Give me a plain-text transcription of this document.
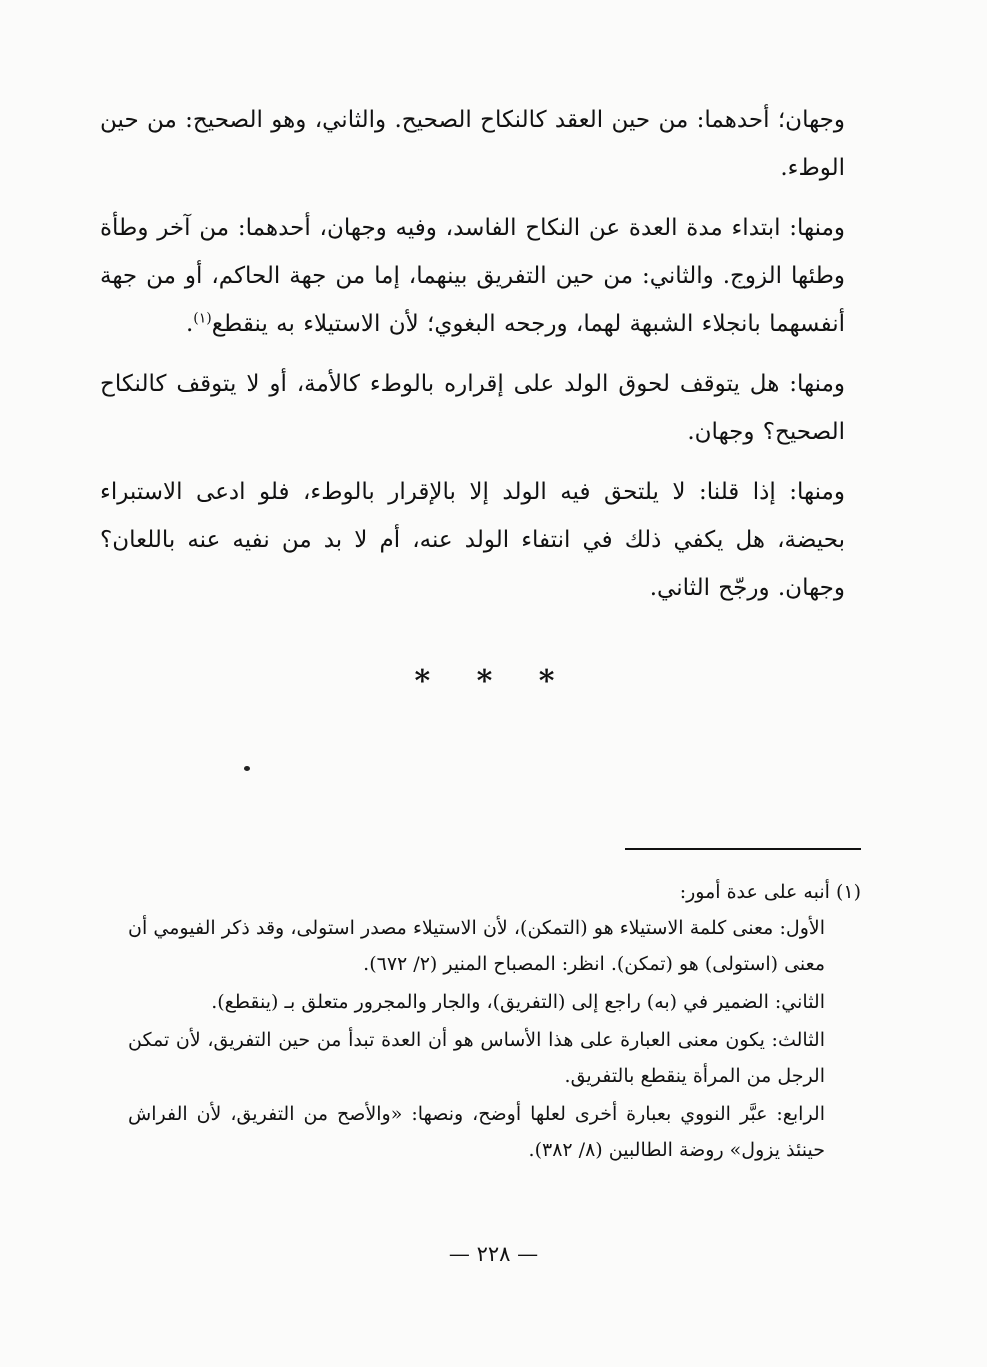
وجهان؛ أحدهما: من حين العقد كالنكاح الصحيح. والثاني، وهو الصحيح: من حين الوطء.

ومنها: ابتداء مدة العدة عن النكاح الفاسد، وفيه وجهان، أحدهما: من آخر وطأة وطئها الزوج. والثاني: من حين التفريق بينهما، إما من جهة الحاكم، أو من جهة أنفسهما بانجلاء الشبهة لهما، ورجحه البغوي؛ لأن الاستيلاء به ينقطع$^{(١)}$.

ومنها: هل يتوقف لحوق الولد على إقراره بالوطء كالأمة، أو لا يتوقف كالنكاح الصحيح؟ وجهان.

ومنها: إذا قلنا: لا يلتحق فيه الولد إلا بالإقرار بالوطء، فلو ادعى الاستبراء بحيضة، هل يكفي ذلك في انتفاء الولد عنه، أم لا بد من نفيه عنه باللعان؟ وجهان. ورجّح الثاني.

* * *

(١) أنبه على عدة أمور:

الأول: معنى كلمة الاستيلاء هو (التمكن)، لأن الاستيلاء مصدر استولى، وقد ذكر الفيومي أن معنى (استولى) هو (تمكن). انظر: المصباح المنير (٢/ ٦٧٢).

الثاني: الضمير في (به) راجع إلى (التفريق)، والجار والمجرور متعلق بـ (ينقطع).

الثالث: يكون معنى العبارة على هذا الأساس هو أن العدة تبدأ من حين التفريق، لأن تمكن الرجل من المرأة ينقطع بالتفريق.

الرابع: عبَّر النووي بعبارة أخرى لعلها أوضح، ونصها: «والأصح من التفريق، لأن الفراش حينئذ يزول» روضة الطالبين (٨/ ٣٨٢).

— ٢٢٨ —
